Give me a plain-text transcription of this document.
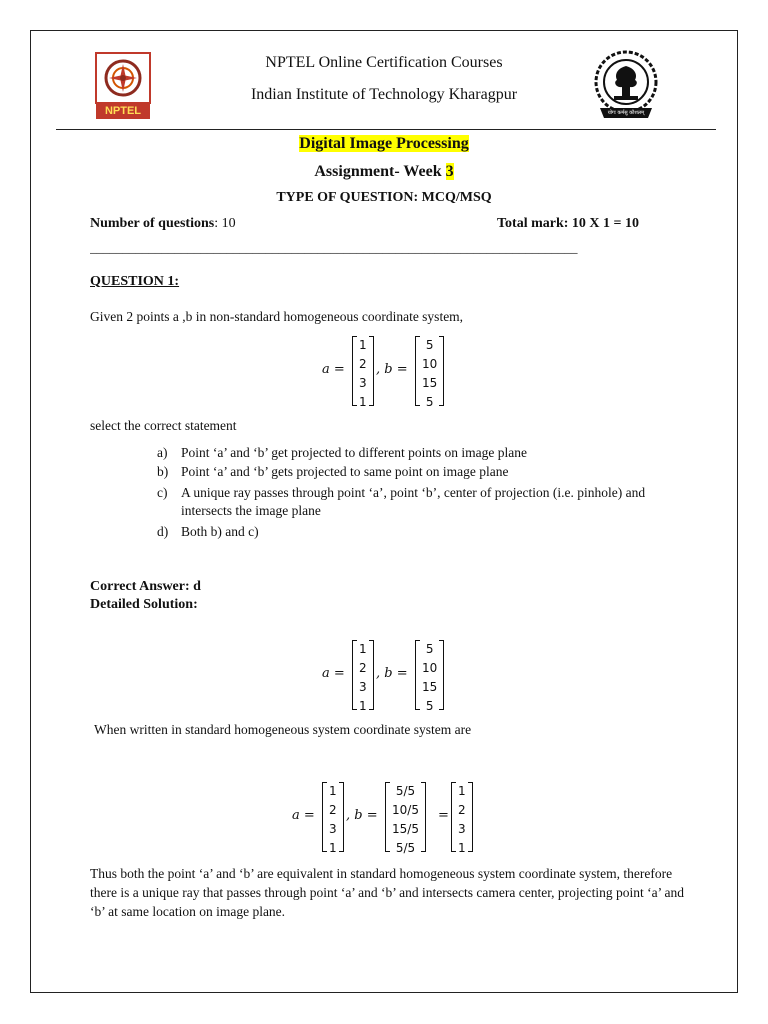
NPTEL
NPTEL Online Certification Courses
Indian Institute of Technology Kharagpur
योगः कर्मसु कौशलम्
Digital Image Processing
Assignment- Week 3
TYPE OF QUESTION: MCQ/MSQ
Number of questions: 10	Total mark: 10 X 1 = 10
___________________________________________________________________________
QUESTION 1:
Given 2 points a ,b in non-standard homogeneous coordinate system,
a =
1
2
3
1
, b =
5
10
15
5
select the correct statement
a) Point ‘a’ and ‘b’ get projected to different points on image plane
b) Point ‘a’ and ‘b’ gets projected to same point on image plane
c) A unique ray passes through point ‘a’, point ‘b’, center of projection (i.e. pinhole) and intersects the image plane
d) Both b) and c)
Correct Answer: d
Detailed Solution:
a =
1
2
3
1
, b =
5
10
15
5
When written in standard homogeneous system coordinate system are
a =
1
2
3
1
, b =
5/5
10/5
15/5
5/5
=
1
2
3
1
Thus both the point ‘a’ and ‘b’ are equivalent in standard homogeneous system coordinate system, therefore there is a unique ray that passes through point ‘a’ and ‘b’ and intersects camera center, projecting point ‘a’ and ‘b’ at same location on image plane.
